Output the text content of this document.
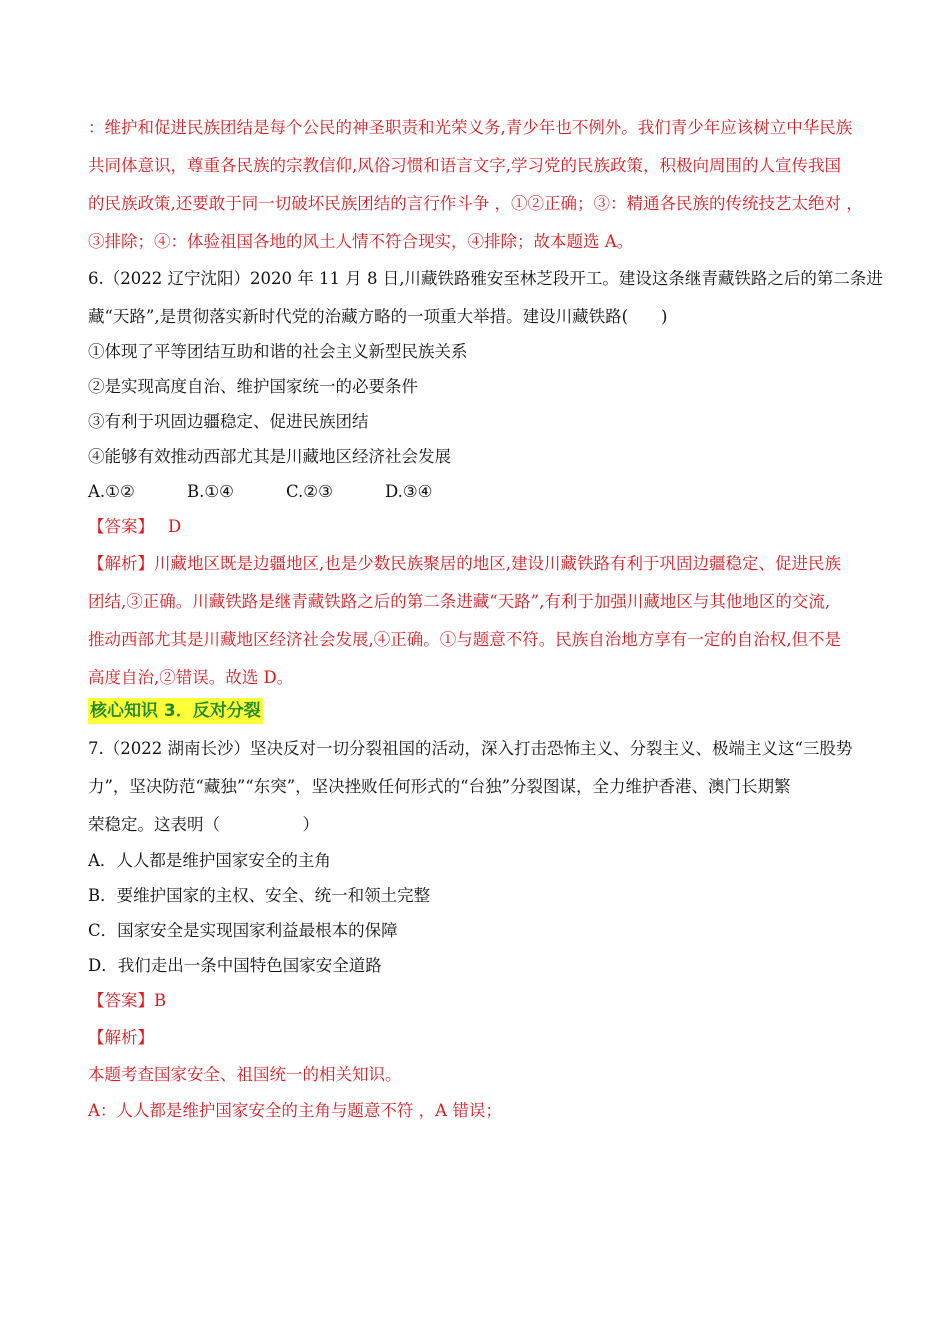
：维护和促进民族团结是每个公民的神圣职责和光荣义务,青少年也不例外。我们青少年应该树立中华民族
共同体意识，尊重各民族的宗教信仰,风俗习惯和语言文字,学习党的民族政策，积极向周围的人宣传我国
的民族政策,还要敢于同一切破坏民族团结的言行作斗争 ，①②正确；③：精通各民族的传统技艺太绝对 ，
③排除；④：体验祖国各地的风土人情不符合现实，④排除；故本题选 A。
6.（2022 辽宁沈阳）2020 年 11 月 8 日,川藏铁路雅安至林芝段开工。建设这条继青藏铁路之后的第二条进
藏“天路”,是贯彻落实新时代党的治藏方略的一项重大举措。建设川藏铁路(　　)
①体现了平等团结互助和谐的社会主义新型民族关系
②是实现高度自治、维护国家统一的必要条件
③有利于巩固边疆稳定、促进民族团结
④能够有效推动西部尤其是川藏地区经济社会发展
A.①②	B.①④	C.②③	D.③④
【答案】 D
【解析】川藏地区既是边疆地区,也是少数民族聚居的地区,建设川藏铁路有利于巩固边疆稳定、促进民族
团结,③正确。川藏铁路是继青藏铁路之后的第二条进藏“天路”,有利于加强川藏地区与其他地区的交流,
推动西部尤其是川藏地区经济社会发展,④正确。①与题意不符。民族自治地方享有一定的自治权,但不是
高度自治,②错误。故选 D。
核心知识 3．反对分裂
7.（2022 湖南长沙）坚决反对一切分裂祖国的活动，深入打击恐怖主义、分裂主义、极端主义这“三股势
力”，坚决防范“藏独”“东突”，坚决挫败任何形式的“台独”分裂图谋，全力维护香港、澳门长期繁
荣稳定。这表明（　　　　　）
A．人人都是维护国家安全的主角
B．要维护国家的主权、安全、统一和领土完整
C．国家安全是实现国家利益最根本的保障
D．我们走出一条中国特色国家安全道路
【答案】B
【解析】
本题考查国家安全、祖国统一的相关知识。
A：人人都是维护国家安全的主角与题意不符 ，A 错误；
